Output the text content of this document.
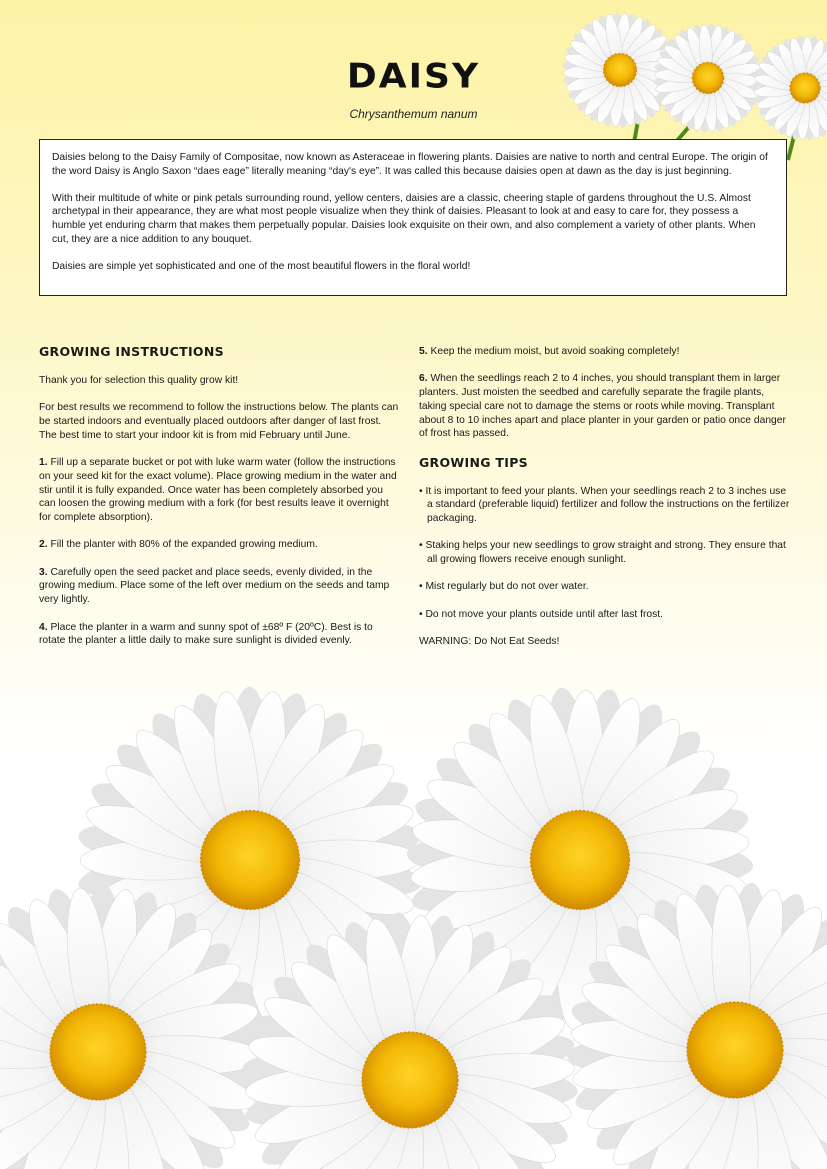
DAISY
Chrysanthemum nanum

Daisies belong to the Daisy Family of Compositae, now known as Asteraceae in flowering plants. Daisies are native to north and central Europe. The origin of the word Daisy is Anglo Saxon “daes eage” literally meaning “day's eye”. It was called this because daisies open at dawn as the day is just beginning.

With their multitude of white or pink petals surrounding round, yellow centers, daisies are a classic, cheering staple of gardens throughout the U.S. Almost archetypal in their appearance, they are what most people visualize when they think of daisies. Pleasant to look at and easy to care for, they possess a humble yet enduring charm that makes them perpetually popular. Daisies look exquisite on their own, and also complement a variety of other plants. When cut, they are a nice addition to any bouquet.

Daisies are simple yet sophisticated and one of the most beautiful flowers in the floral world!

GROWING INSTRUCTIONS

Thank you for selection this quality grow kit!

For best results we recommend to follow the instructions below. The plants can be started indoors and eventually placed outdoors after danger of last frost. The best time to start your indoor kit is from mid February until June.

1. Fill up a separate bucket or pot with luke warm water (follow the instructions on your seed kit for the exact volume). Place growing medium in the water and stir until it is fully expanded. Once water has been completely absorbed you can loosen the growing medium with a fork (for best results leave it overnight for complete absorption).

2. Fill the planter with 80% of the expanded growing medium.

3. Carefully open the seed packet and place seeds, evenly divided, in the growing medium. Place some of the left over medium on the seeds and tamp very lightly.

4. Place the planter in a warm and sunny spot of ±68º F (20ºC). Best is to rotate the planter a little daily to make sure sunlight is divided evenly.

5. Keep the medium moist, but avoid soaking completely!

6. When the seedlings reach 2 to 4 inches, you should transplant them in larger planters. Just moisten the seedbed and carefully separate the fragile plants, taking special care not to damage the stems or roots while moving. Transplant about 8 to 10 inches apart and place planter in your garden or patio once danger of frost has passed.

GROWING TIPS

• It is important to feed your plants. When your seedlings reach 2 to 3 inches use a standard (preferable liquid) fertilizer and follow the instructions on the fertilizer packaging.

• Staking helps your new seedlings to grow straight and strong. They ensure that all growing flowers receive enough sunlight.

• Mist regularly but do not over water.

• Do not move your plants outside until after last frost.

WARNING: Do Not Eat Seeds!
